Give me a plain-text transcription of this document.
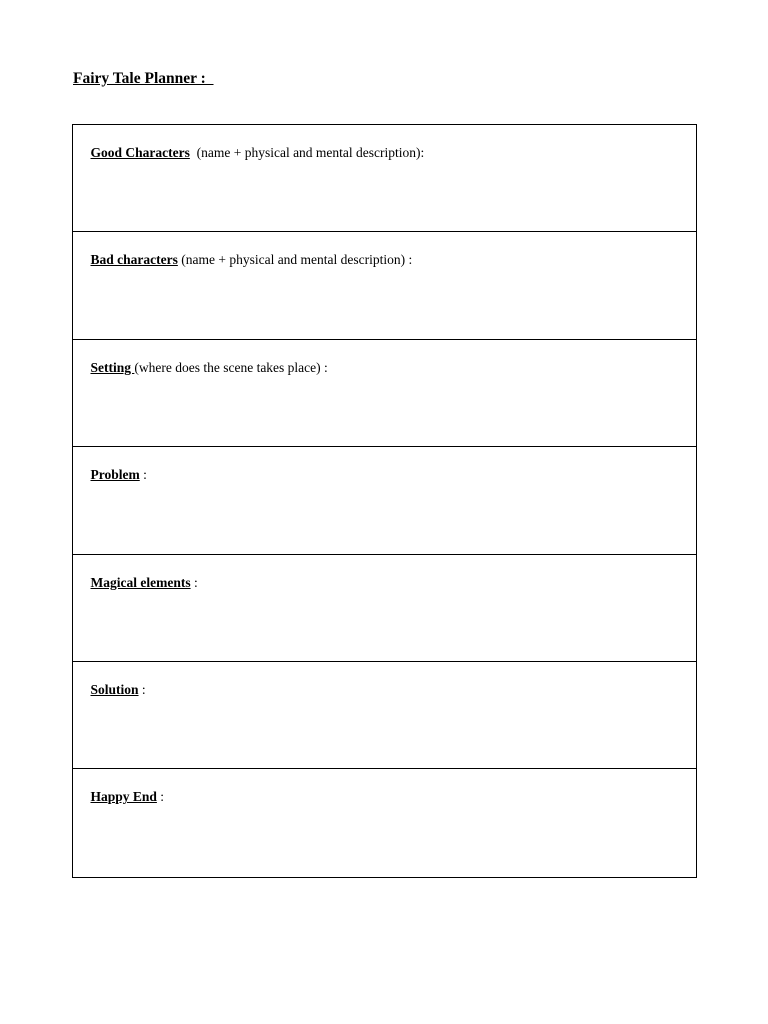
Fairy Tale Planner :

Good Characters  (name + physical and mental description):

Bad characters (name + physical and mental description) :

Setting (where does the scene takes place) :

Problem :

Magical elements :

Solution :

Happy End :
